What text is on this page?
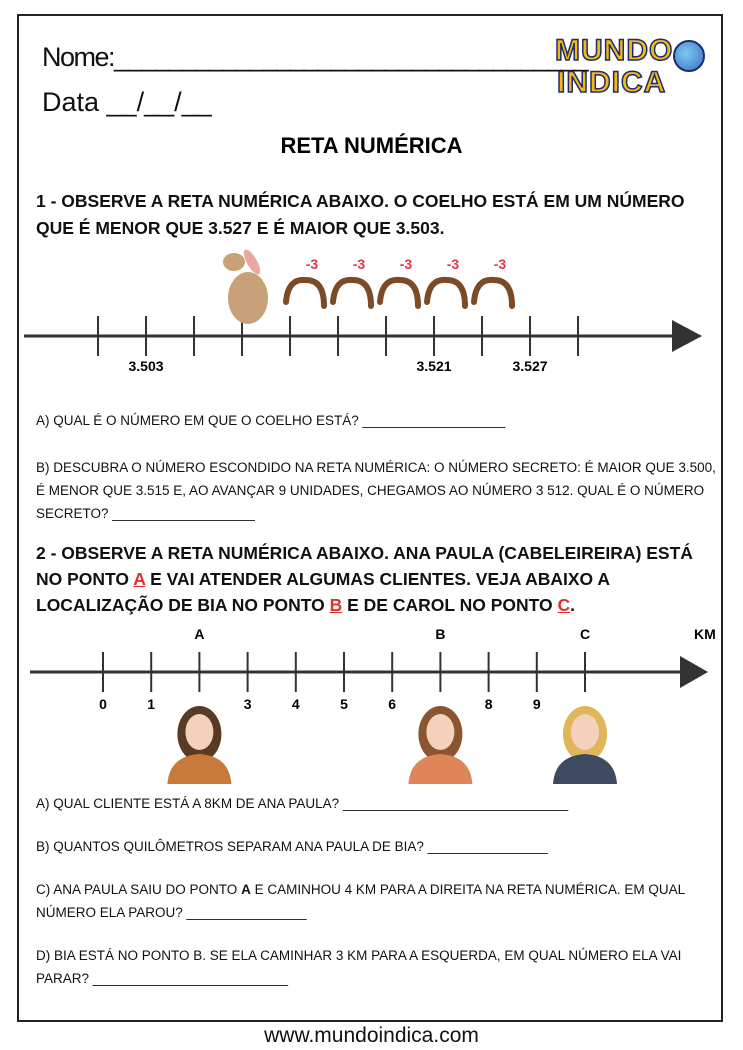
Nome:___________________________________
Data __/__/__
MUNDO
INDICA
RETA NUMÉRICA
1 - OBSERVE A RETA NUMÉRICA ABAIXO. O COELHO ESTÁ EM UM NÚMERO QUE É MENOR QUE 3.527 E É MAIOR QUE 3.503.
3.503	3.521	3.527
-3 -3 -3 -3 -3
A) QUAL É O NÚMERO EM QUE O COELHO ESTÁ? ___________________
B) DESCUBRA O NÚMERO ESCONDIDO NA RETA NUMÉRICA: O NÚMERO SECRETO: É MAIOR QUE 3.500, É MENOR QUE 3.515 E, AO AVANÇAR 9 UNIDADES, CHEGAMOS AO NÚMERO 3 512. QUAL É O NÚMERO SECRETO? ___________________
2 - OBSERVE A RETA NUMÉRICA ABAIXO. ANA PAULA (CABELEIREIRA) ESTÁ NO PONTO A E VAI ATENDER ALGUMAS CLIENTES. VEJA ABAIXO A LOCALIZAÇÃO DE BIA NO PONTO B E DE CAROL NO PONTO C.
KM
0	1	3	4	5	6	8	9
A	B	C
A) QUAL CLIENTE ESTÁ A 8KM DE ANA PAULA? ______________________________
B) QUANTOS QUILÔMETROS SEPARAM ANA PAULA DE BIA? ________________
C) ANA PAULA SAIU DO PONTO A E CAMINHOU 4 KM PARA A DIREITA NA RETA NUMÉRICA. EM QUAL NÚMERO ELA PAROU? ________________
D) BIA ESTÁ NO PONTO B. SE ELA CAMINHAR 3 KM PARA A ESQUERDA, EM QUAL NÚMERO ELA VAI PARAR? __________________________
www.mundoindica.com
